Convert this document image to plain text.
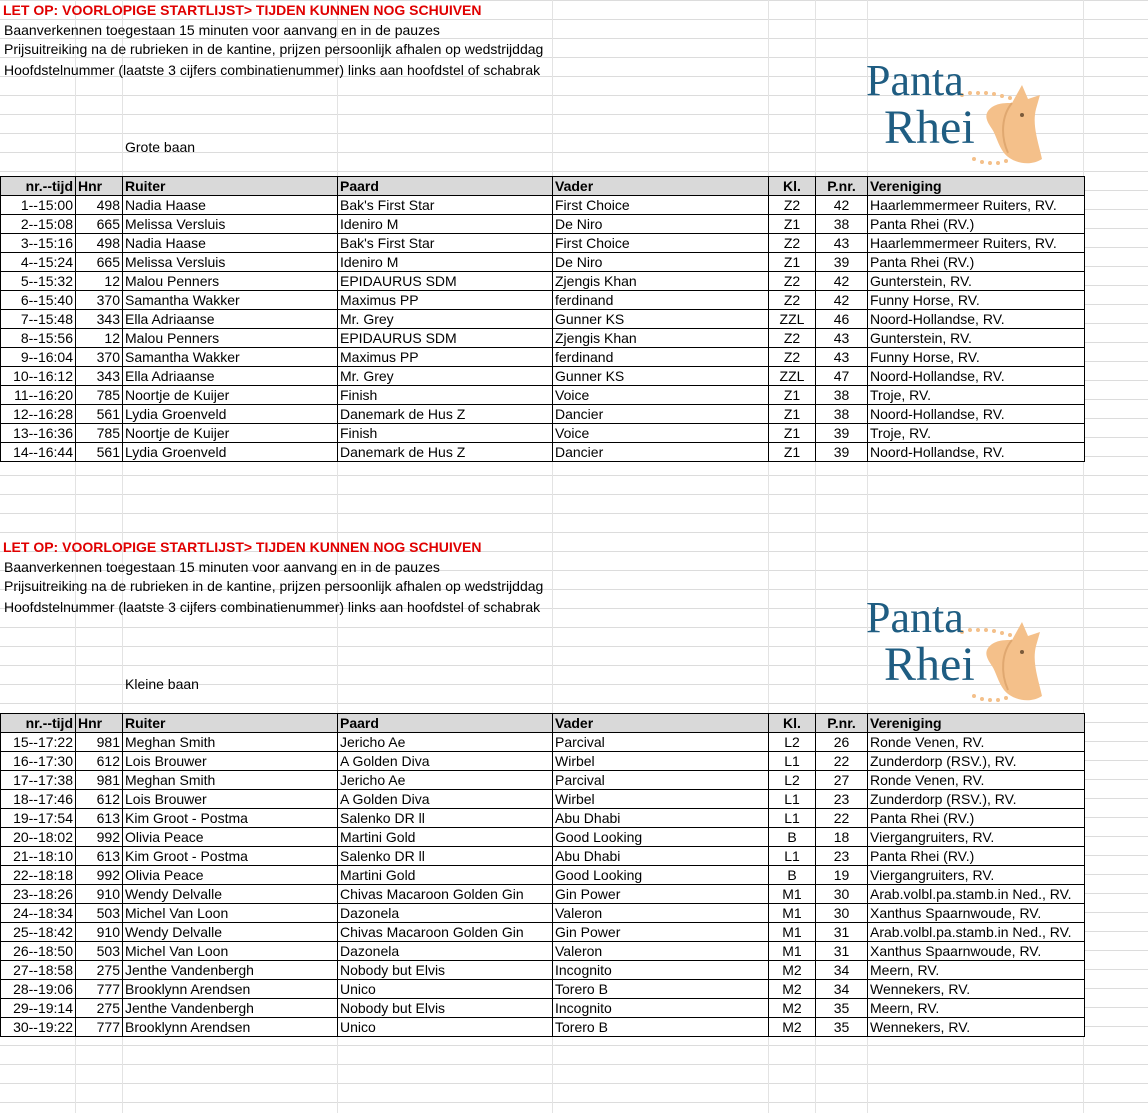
LET OP: VOORLOPIGE STARTLIJST> TIJDEN KUNNEN NOG SCHUIVEN
Baanverkennen toegestaan 15 minuten voor aanvang en in de pauzes
Prijsuitreiking na de rubrieken in de kantine, prijzen persoonlijk afhalen op wedstrijddag
Hoofdstelnummer (laatste 3 cijfers combinatienummer) links aan hoofdstel of schabrak	Panta
Rhei
Grote baan
nr.--tijd	Hnr	Ruiter	Paard	Vader	Kl.	P.nr.	Vereniging
1--15:00	498	Nadia Haase	Bak's First Star	First Choice	Z2	42	Haarlemmermeer Ruiters, RV.
2--15:08	665	Melissa Versluis	Ideniro M	De Niro	Z1	38	Panta Rhei (RV.)
3--15:16	498	Nadia Haase	Bak's First Star	First Choice	Z2	43	Haarlemmermeer Ruiters, RV.
4--15:24	665	Melissa Versluis	Ideniro M	De Niro	Z1	39	Panta Rhei (RV.)
5--15:32	12	Malou Penners	EPIDAURUS SDM	Zjengis Khan	Z2	42	Gunterstein, RV.
6--15:40	370	Samantha Wakker	Maximus PP	ferdinand	Z2	42	Funny Horse, RV.
7--15:48	343	Ella Adriaanse	Mr. Grey	Gunner KS	ZZL	46	Noord-Hollandse, RV.
8--15:56	12	Malou Penners	EPIDAURUS SDM	Zjengis Khan	Z2	43	Gunterstein, RV.
9--16:04	370	Samantha Wakker	Maximus PP	ferdinand	Z2	43	Funny Horse, RV.
10--16:12	343	Ella Adriaanse	Mr. Grey	Gunner KS	ZZL	47	Noord-Hollandse, RV.
11--16:20	785	Noortje de Kuijer	Finish	Voice	Z1	38	Troje, RV.
12--16:28	561	Lydia Groenveld	Danemark de Hus Z	Dancier	Z1	38	Noord-Hollandse, RV.
13--16:36	785	Noortje de Kuijer	Finish	Voice	Z1	39	Troje, RV.
14--16:44	561	Lydia Groenveld	Danemark de Hus Z	Dancier	Z1	39	Noord-Hollandse, RV.
LET OP: VOORLOPIGE STARTLIJST> TIJDEN KUNNEN NOG SCHUIVEN
Baanverkennen toegestaan 15 minuten voor aanvang en in de pauzes
Prijsuitreiking na de rubrieken in de kantine, prijzen persoonlijk afhalen op wedstrijddag
Hoofdstelnummer (laatste 3 cijfers combinatienummer) links aan hoofdstel of schabrak	Panta
Rhei
Kleine baan
nr.--tijd	Hnr	Ruiter	Paard	Vader	Kl.	P.nr.	Vereniging
15--17:22	981	Meghan Smith	Jericho Ae	Parcival	L2	26	Ronde Venen, RV.
16--17:30	612	Lois Brouwer	A Golden Diva	Wirbel	L1	22	Zunderdorp (RSV.), RV.
17--17:38	981	Meghan Smith	Jericho Ae	Parcival	L2	27	Ronde Venen, RV.
18--17:46	612	Lois Brouwer	A Golden Diva	Wirbel	L1	23	Zunderdorp (RSV.), RV.
19--17:54	613	Kim Groot - Postma	Salenko DR ll	Abu Dhabi	L1	22	Panta Rhei (RV.)
20--18:02	992	Olivia Peace	Martini Gold	Good Looking	B	18	Viergangruiters, RV.
21--18:10	613	Kim Groot - Postma	Salenko DR ll	Abu Dhabi	L1	23	Panta Rhei (RV.)
22--18:18	992	Olivia Peace	Martini Gold	Good Looking	B	19	Viergangruiters, RV.
23--18:26	910	Wendy Delvalle	Chivas Macaroon Golden Gin	Gin Power	M1	30	Arab.volbl.pa.stamb.in Ned., RV.
24--18:34	503	Michel Van Loon	Dazonela	Valeron	M1	30	Xanthus Spaarnwoude, RV.
25--18:42	910	Wendy Delvalle	Chivas Macaroon Golden Gin	Gin Power	M1	31	Arab.volbl.pa.stamb.in Ned., RV.
26--18:50	503	Michel Van Loon	Dazonela	Valeron	M1	31	Xanthus Spaarnwoude, RV.
27--18:58	275	Jenthe Vandenbergh	Nobody but Elvis	Incognito	M2	34	Meern, RV.
28--19:06	777	Brooklynn Arendsen	Unico	Torero B	M2	34	Wennekers, RV.
29--19:14	275	Jenthe Vandenbergh	Nobody but Elvis	Incognito	M2	35	Meern, RV.
30--19:22	777	Brooklynn Arendsen	Unico	Torero B	M2	35	Wennekers, RV.
